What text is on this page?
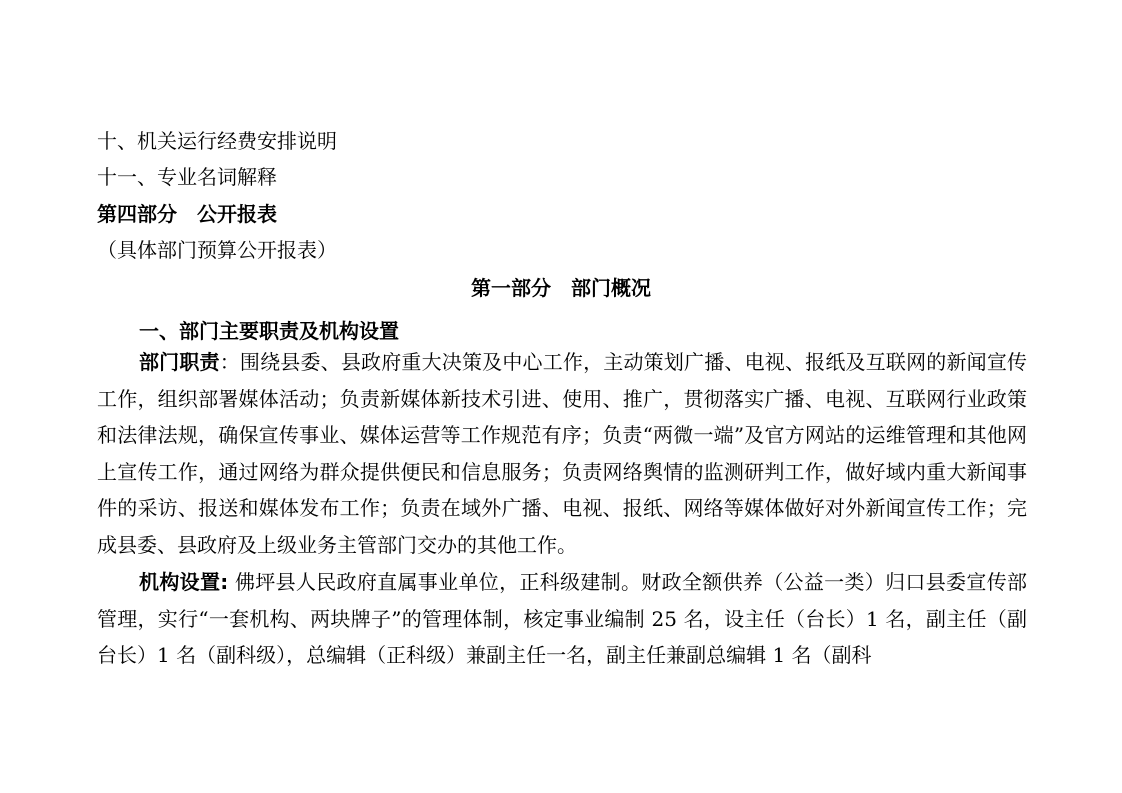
十、机关运行经费安排说明
十一、专业名词解释
第四部分　公开报表
（具体部门预算公开报表）
第一部分　部门概况
一、部门主要职责及机构设置

部门职责：围绕县委、县政府重大决策及中心工作，主动策划广播、电视、报纸及互联网的新闻宣传工作，组织部署媒体活动；负责新媒体新技术引进、使用、推广，贯彻落实广播、电视、互联网行业政策和法律法规，确保宣传事业、媒体运营等工作规范有序；负责“两微一端”及官方网站的运维管理和其他网上宣传工作，通过网络为群众提供便民和信息服务；负责网络舆情的监测研判工作，做好域内重大新闻事件的采访、报送和媒体发布工作；负责在域外广播、电视、报纸、网络等媒体做好对外新闻宣传工作；完成县委、县政府及上级业务主管部门交办的其他工作。

机构设置: 佛坪县人民政府直属事业单位，正科级建制。财政全额供养（公益一类）归口县委宣传部管理，实行“一套机构、两块牌子”的管理体制，核定事业编制 25 名，设主任（台长）1 名，副主任（副台长）1 名（副科级），总编辑（正科级）兼副主任一名，副主任兼副总编辑 1 名（副科
